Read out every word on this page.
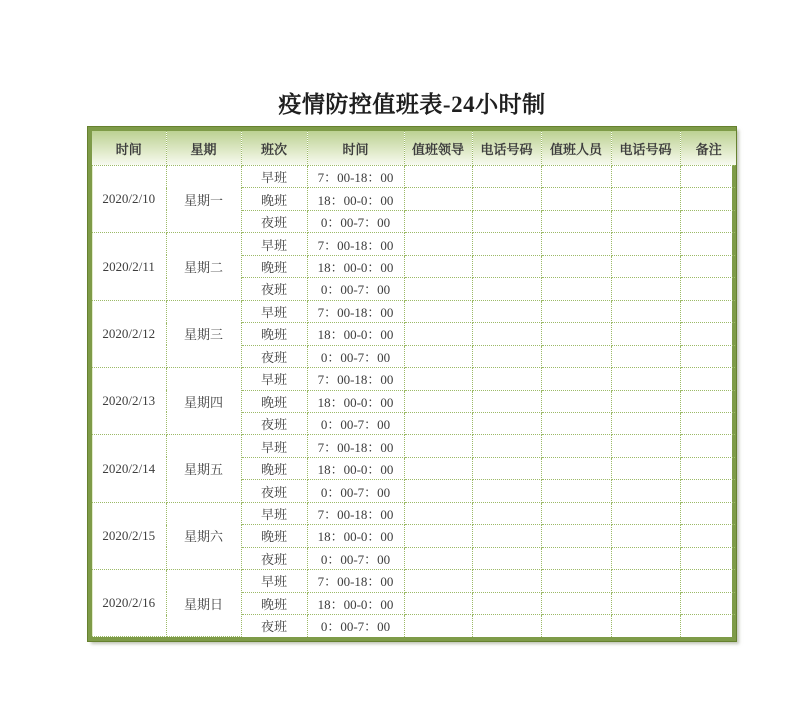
疫情防控值班表-24小时制
时间	星期	班次	时间	值班领导	电话号码	值班人员	电话号码	备注
2020/2/10	星期一	早班	7：00-18：00					
		晚班	18：00-0：00					
		夜班	0：00-7：00					
2020/2/11	星期二	早班	7：00-18：00					
		晚班	18：00-0：00					
		夜班	0：00-7：00					
2020/2/12	星期三	早班	7：00-18：00					
		晚班	18：00-0：00					
		夜班	0：00-7：00					
2020/2/13	星期四	早班	7：00-18：00					
		晚班	18：00-0：00					
		夜班	0：00-7：00					
2020/2/14	星期五	早班	7：00-18：00					
		晚班	18：00-0：00					
		夜班	0：00-7：00					
2020/2/15	星期六	早班	7：00-18：00					
		晚班	18：00-0：00					
		夜班	0：00-7：00					
2020/2/16	星期日	早班	7：00-18：00					
		晚班	18：00-0：00					
		夜班	0：00-7：00					
